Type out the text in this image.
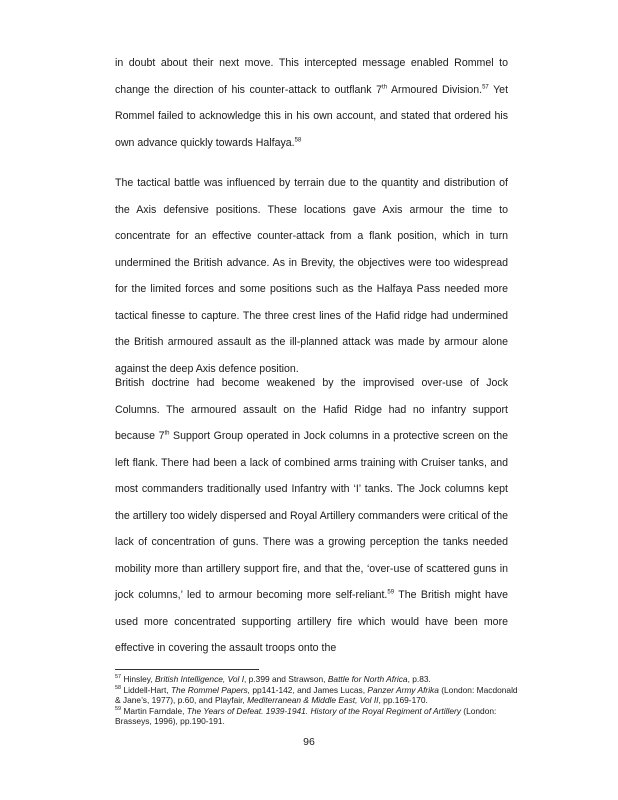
in doubt about their next move. This intercepted message enabled Rommel to change the direction of his counter-attack to outflank 7th Armoured Division.$^{57}$ Yet Rommel failed to acknowledge this in his own account, and stated that ordered his own advance quickly towards Halfaya.$^{58}$

The tactical battle was influenced by terrain due to the quantity and distribution of the Axis defensive positions. These locations gave Axis armour the time to concentrate for an effective counter-attack from a flank position, which in turn undermined the British advance. As in Brevity, the objectives were too widespread for the limited forces and some positions such as the Halfaya Pass needed more tactical finesse to capture. The three crest lines of the Hafid ridge had undermined the British armoured assault as the ill-planned attack was made by armour alone against the deep Axis defence position.

British doctrine had become weakened by the improvised over-use of Jock Columns. The armoured assault on the Hafid Ridge had no infantry support because 7th Support Group operated in Jock columns in a protective screen on the left flank. There had been a lack of combined arms training with Cruiser tanks, and most commanders traditionally used Infantry with ‘I’ tanks. The Jock columns kept the artillery too widely dispersed and Royal Artillery commanders were critical of the lack of concentration of guns. There was a growing perception the tanks needed mobility more than artillery support fire, and that the, ‘over-use of scattered guns in jock columns,’ led to armour becoming more self-reliant.$^{59}$ The British might have used more concentrated supporting artillery fire which would have been more effective in covering the assault troops onto the

$^{57}$ Hinsley, British Intelligence, Vol I, p.399 and Strawson, Battle for North Africa, p.83.

$^{58}$ Liddell-Hart, The Rommel Papers, pp141-142, and James Lucas, Panzer Army Afrika (London: Macdonald & Jane’s, 1977), p.60, and Playfair, Mediterranean & Middle East, Vol II, pp.169-170.

$^{59}$ Martin Farndale, The Years of Defeat. 1939-1941. History of the Royal Regiment of Artillery (London: Brasseys, 1996), pp.190-191.

96
